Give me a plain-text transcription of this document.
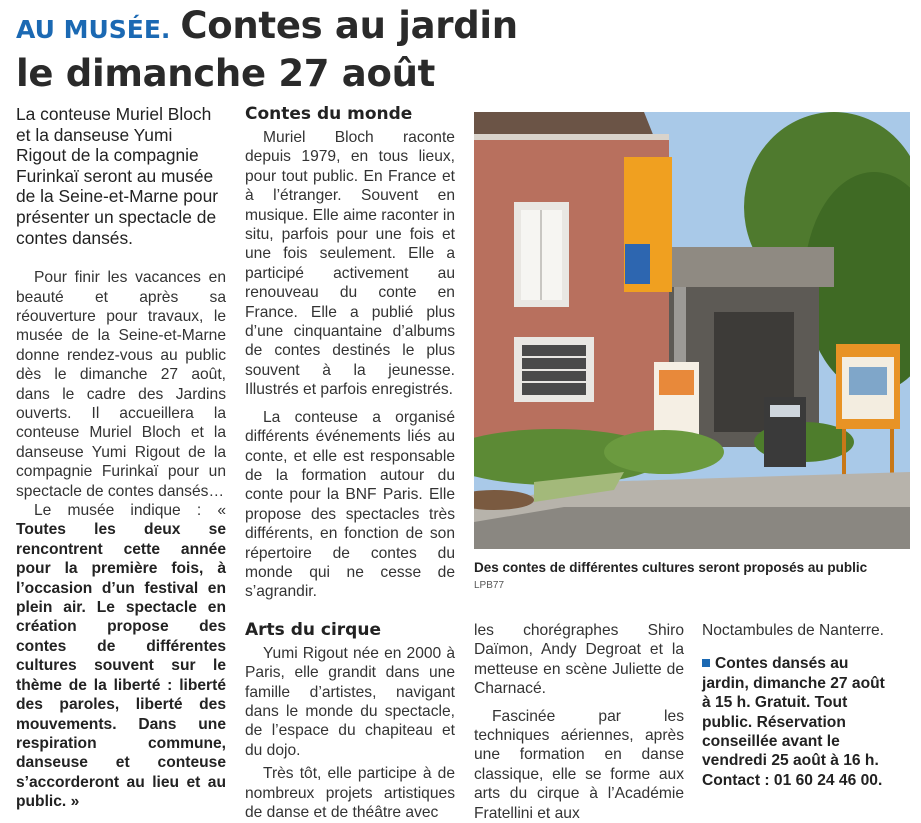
AU MUSÉE. Contes au jardin
le dimanche 27 août

La conteuse Muriel Bloch et la danseuse Yumi Rigout de la compagnie Furinkaï seront au musée de la Seine-et-Marne pour présenter un spectacle de contes dansés.

Pour finir les vacances en beauté et après sa réouverture pour travaux, le musée de la Seine-et-Marne donne rendez-vous au public dès le dimanche 27 août, dans le cadre des Jardins ouverts. Il accueillera la conteuse Muriel Bloch et la danseuse Yumi Rigout de la compagnie Furinkaï pour un spectacle de contes dansés…

Le musée indique : « Toutes les deux se rencontrent cette année pour la première fois, à l’occasion d’un festival en plein air. Le spectacle en création propose des contes de différentes cultures souvent sur le thème de la liberté : liberté des paroles, liberté des mouvements. Dans une respiration commune, danseuse et conteuse s’accorderont au lieu et au public. »

Contes du monde

Muriel Bloch raconte depuis 1979, en tous lieux, pour tout public. En France et à l’étranger. Souvent en musique. Elle aime raconter in situ, parfois pour une fois et une fois seulement. Elle a participé activement au renouveau du conte en France. Elle a publié plus d’une cinquantaine d’albums de contes destinés le plus souvent à la jeunesse. Illustrés et parfois enregistrés.

La conteuse a organisé différents événements liés au conte, et elle est responsable de la formation autour du conte pour la BNF Paris. Elle propose des spectacles très différents, en fonction de son répertoire de contes du monde qui ne cesse de s’agrandir.

Arts du cirque

Yumi Rigout née en 2000 à Paris, elle grandit dans une famille d’artistes, navigant dans le monde du spectacle, de l’espace du chapiteau et du dojo.

Très tôt, elle participe à de nombreux projets artistiques de danse et de théâtre avec

Des contes de différentes cultures seront proposés au public
LPB77

les chorégraphes Shiro Daïmon, Andy Degroat et la metteuse en scène Juliette de Charnacé.

Fascinée par les techniques aériennes, après une formation en danse classique, elle se forme aux arts du cirque à l’Académie Fratellini et aux

Noctambules de Nanterre.

Contes dansés au jardin, dimanche 27 août à 15 h. Gratuit. Tout public. Réservation conseillée avant le vendredi 25 août à 16 h. Contact : 01 60 24 46 00.
